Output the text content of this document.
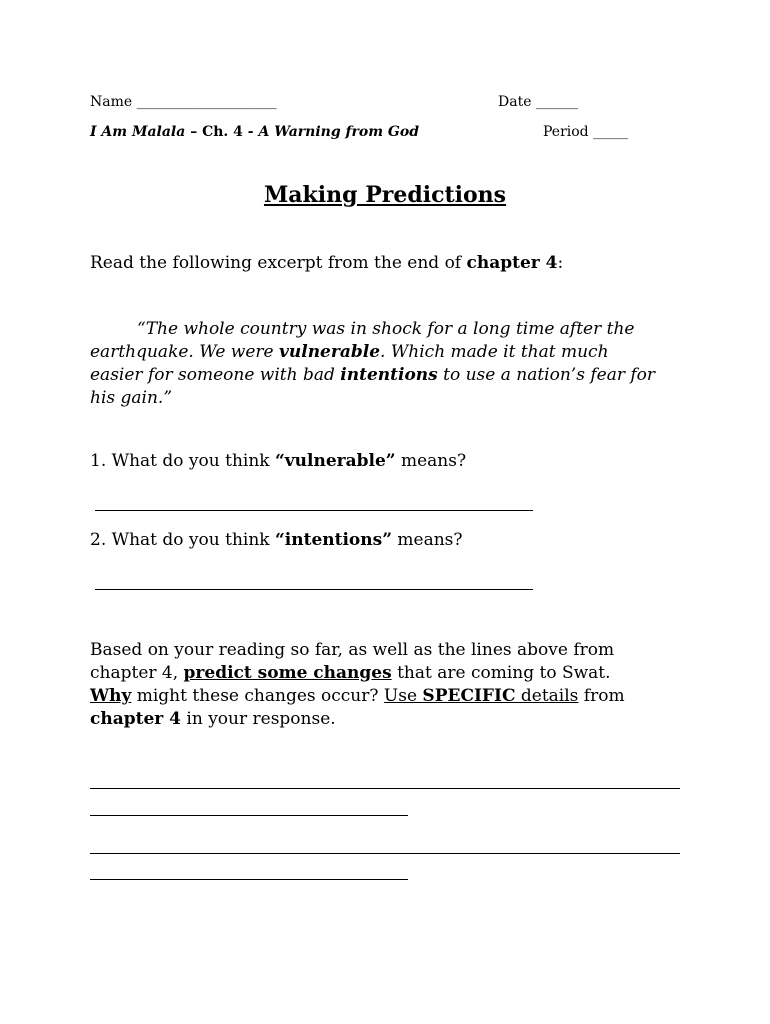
Name ____________________	Date ______
I Am Malala – Ch. 4 - A Warning from God	Period _____
Making Predictions
Read the following excerpt from the end of chapter 4:
“The whole country was in shock for a long time after the
earthquake. We were vulnerable. Which made it that much
easier for someone with bad intentions to use a nation’s fear for
his gain.”
1. What do you think “vulnerable” means?
2. What do you think “intentions” means?
Based on your reading so far, as well as the lines above from
chapter 4, predict some changes that are coming to Swat.
Why might these changes occur? Use SPECIFIC details from
chapter 4 in your response.
